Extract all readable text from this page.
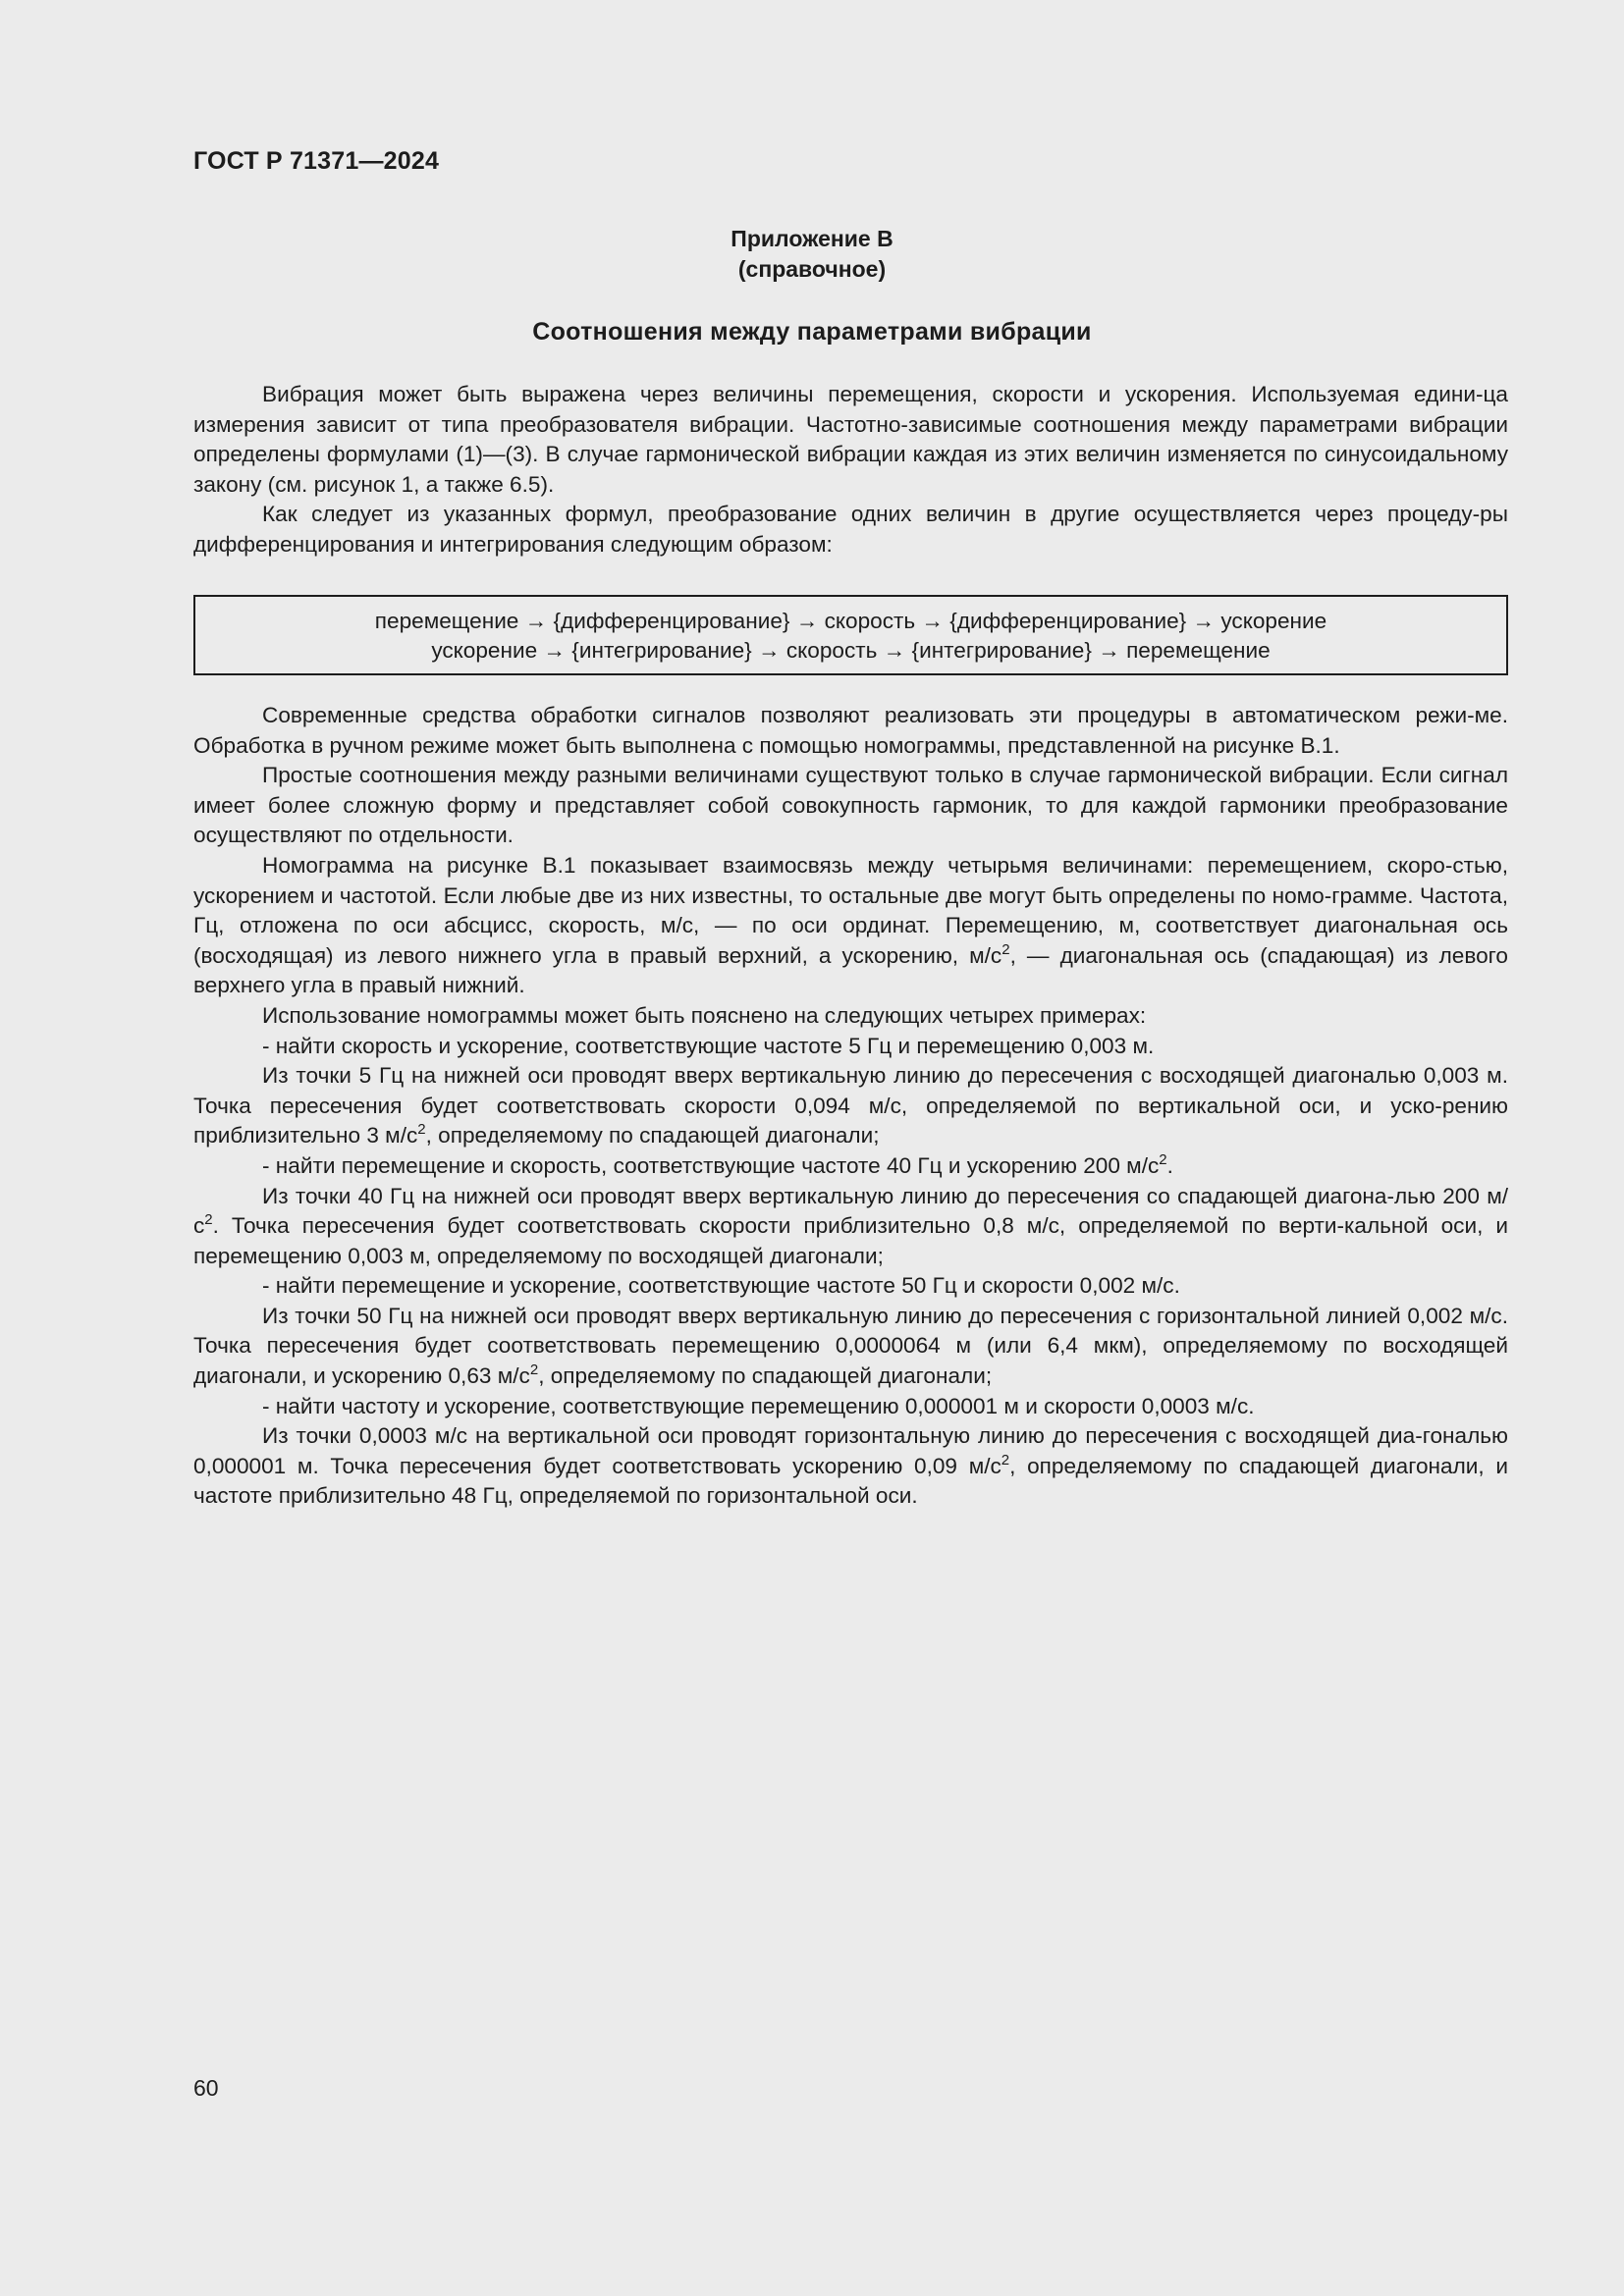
ГОСТ Р 71371—2024
Приложение В
(справочное)
Соотношения между параметрами вибрации

Вибрация может быть выражена через величины перемещения, скорости и ускорения. Используемая едини-ца измерения зависит от типа преобразователя вибрации. Частотно-зависимые соотношения между параметрами вибрации определены формулами (1)—(3). В случае гармонической вибрации каждая из этих величин изменяется по синусоидальному закону (см. рисунок 1, а также 6.5).

Как следует из указанных формул, преобразование одних величин в другие осуществляется через процеду-ры дифференцирования и интегрирования следующим образом:

перемещение → {дифференцирование} → скорость → {дифференцирование} → ускорение
ускорение → {интегрирование} → скорость → {интегрирование} → перемещение

Современные средства обработки сигналов позволяют реализовать эти процедуры в автоматическом режи-ме. Обработка в ручном режиме может быть выполнена с помощью номограммы, представленной на рисунке В.1.

Простые соотношения между разными величинами существуют только в случае гармонической вибрации. Если сигнал имеет более сложную форму и представляет собой совокупность гармоник, то для каждой гармоники преобразование осуществляют по отдельности.

Номограмма на рисунке В.1 показывает взаимосвязь между четырьмя величинами: перемещением, скоро-стью, ускорением и частотой. Если любые две из них известны, то остальные две могут быть определены по номо-грамме. Частота, Гц, отложена по оси абсцисс, скорость, м/с, — по оси ординат. Перемещению, м, соответствует диагональная ось (восходящая) из левого нижнего угла в правый верхний, а ускорению, $м/с^2$, — диагональная ось (спадающая) из левого верхнего угла в правый нижний.

Использование номограммы может быть пояснено на следующих четырех примерах:

- найти скорость и ускорение, соответствующие частоте 5 Гц и перемещению 0,003 м.

Из точки 5 Гц на нижней оси проводят вверх вертикальную линию до пересечения с восходящей диагональю 0,003 м. Точка пересечения будет соответствовать скорости 0,094 м/с, определяемой по вертикальной оси, и уско-рению приблизительно 3 $м/с^2$, определяемому по спадающей диагонали;

- найти перемещение и скорость, соответствующие частоте 40 Гц и ускорению 200 $м/с^2$.

Из точки 40 Гц на нижней оси проводят вверх вертикальную линию до пересечения со спадающей диагона-лью 200 $м/с^2$. Точка пересечения будет соответствовать скорости приблизительно 0,8 м/с, определяемой по верти-кальной оси, и перемещению 0,003 м, определяемому по восходящей диагонали;

- найти перемещение и ускорение, соответствующие частоте 50 Гц и скорости 0,002 м/с.

Из точки 50 Гц на нижней оси проводят вверх вертикальную линию до пересечения с горизонтальной линией 0,002 м/с. Точка пересечения будет соответствовать перемещению 0,0000064 м (или 6,4 мкм), определяемому по восходящей диагонали, и ускорению 0,63 $м/с^2$, определяемому по спадающей диагонали;

- найти частоту и ускорение, соответствующие перемещению 0,000001 м и скорости 0,0003 м/с.

Из точки 0,0003 м/с на вертикальной оси проводят горизонтальную линию до пересечения с восходящей диа-гональю 0,000001 м. Точка пересечения будет соответствовать ускорению 0,09 $м/с^2$, определяемому по спадающей диагонали, и частоте приблизительно 48 Гц, определяемой по горизонтальной оси.

60
